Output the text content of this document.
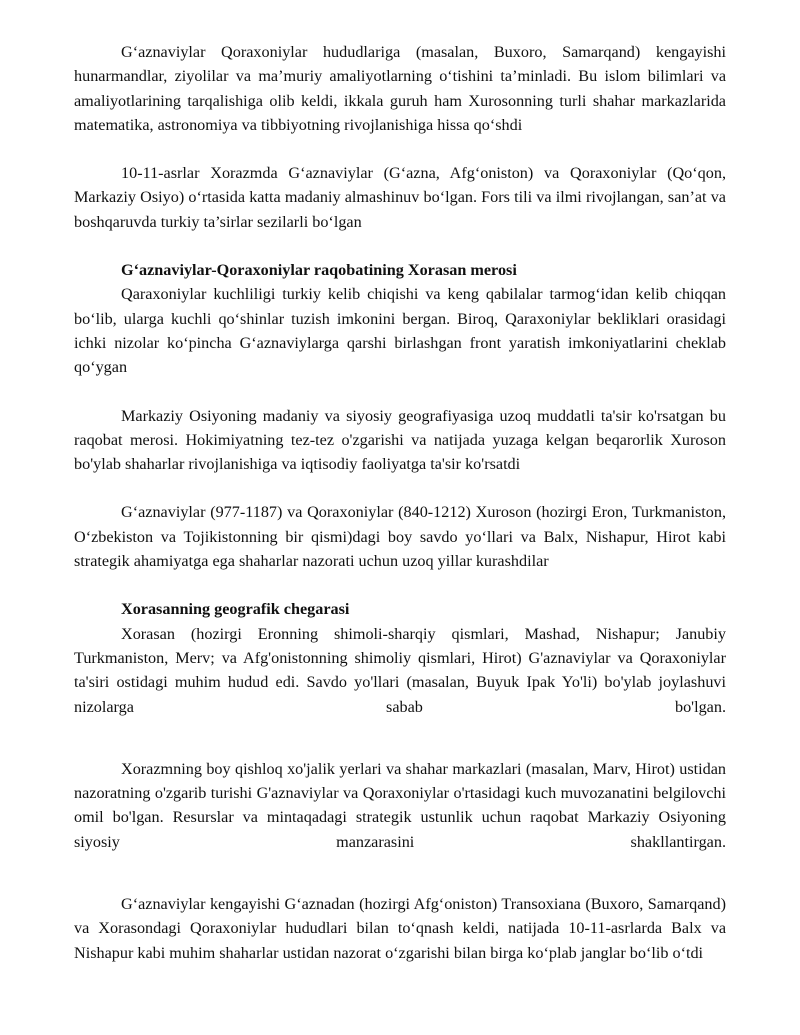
G‘aznaviylar Qoraxoniylar hududlariga (masalan, Buxoro, Samarqand) kengayishi hunarmandlar, ziyolilar va ma’muriy amaliyotlarning o‘tishini ta’minladi. Bu islom bilimlari va amaliyotlarining tarqalishiga olib keldi, ikkala guruh ham Xurosonning turli shahar markazlarida matematika, astronomiya va tibbiyotning rivojlanishiga hissa qo‘shdi

10-11-asrlar Xorazmda G‘aznaviylar (G‘azna, Afg‘oniston) va Qoraxoniylar (Qo‘qon, Markaziy Osiyo) o‘rtasida katta madaniy almashinuv bo‘lgan. Fors tili va ilmi rivojlangan, san’at va boshqaruvda turkiy ta’sirlar sezilarli bo‘lgan

G‘aznaviylar-Qoraxoniylar raqobatining Xorasan merosi

Qaraxoniylar kuchliligi turkiy kelib chiqishi va keng qabilalar tarmog‘idan kelib chiqqan bo‘lib, ularga kuchli qo‘shinlar tuzish imkonini bergan. Biroq, Qaraxoniylar bekliklari orasidagi ichki nizolar ko‘pincha G‘aznaviylarga qarshi birlashgan front yaratish imkoniyatlarini cheklab qo‘ygan

Markaziy Osiyoning madaniy va siyosiy geografiyasiga uzoq muddatli ta'sir ko'rsatgan bu raqobat merosi. Hokimiyatning tez-tez o'zgarishi va natijada yuzaga kelgan beqarorlik Xuroson bo'ylab shaharlar rivojlanishiga va iqtisodiy faoliyatga ta'sir ko'rsatdi

G‘aznaviylar (977-1187) va Qoraxoniylar (840-1212) Xuroson (hozirgi Eron, Turkmaniston, O‘zbekiston va Tojikistonning bir qismi)dagi boy savdo yo‘llari va Balx, Nishapur, Hirot kabi strategik ahamiyatga ega shaharlar nazorati uchun uzoq yillar kurashdilar

Xorasanning geografik chegarasi

Xorasan (hozirgi Eronning shimoli-sharqiy qismlari, Mashad, Nishapur; Janubiy Turkmaniston, Merv; va Afg'onistonning shimoliy qismlari, Hirot) G'aznaviylar va Qoraxoniylar ta'siri ostidagi muhim hudud edi. Savdo yo'llari (masalan, Buyuk Ipak Yo'li) bo'ylab joylashuvi nizolarga sabab bo'lgan.

Xorazmning boy qishloq xo'jalik yerlari va shahar markazlari (masalan, Marv, Hirot) ustidan nazoratning o'zgarib turishi G'aznaviylar va Qoraxoniylar o'rtasidagi kuch muvozanatini belgilovchi omil bo'lgan. Resurslar va mintaqadagi strategik ustunlik uchun raqobat Markaziy Osiyoning siyosiy manzarasini shakllantirgan.

G‘aznaviylar kengayishi G‘aznadan (hozirgi Afg‘oniston) Transoxiana (Buxoro, Samarqand) va Xorasondagi Qoraxoniylar hududlari bilan to‘qnash keldi, natijada 10-11-asrlarda Balx va Nishapur kabi muhim shaharlar ustidan nazorat o‘zgarishi bilan birga ko‘plab janglar bo‘lib o‘tdi
